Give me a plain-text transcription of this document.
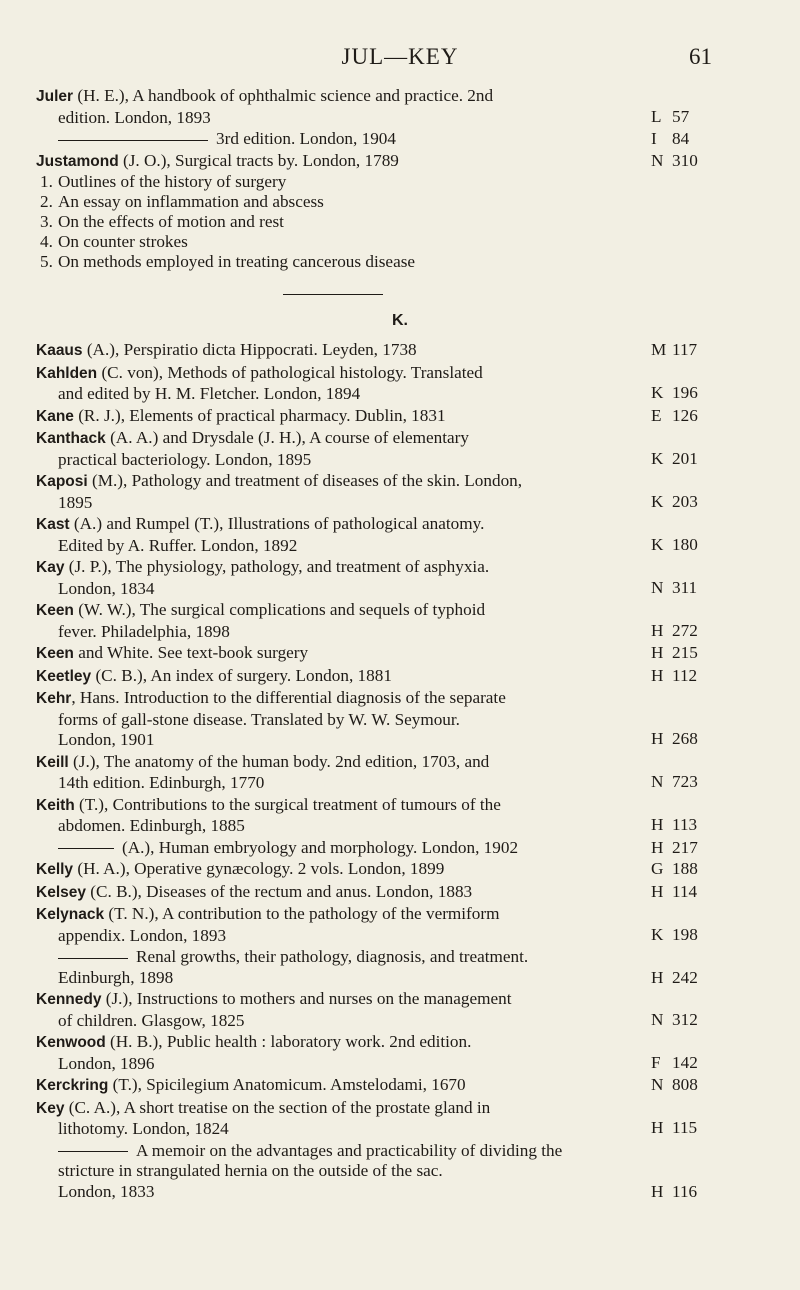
JUL—KEY	61
Juler (H. E.), A handbook of ophthalmic science and practice. 2nd
edition. London, 1893	L 57
3rd edition. London, 1904	I 84
Justamond (J. O.), Surgical tracts by. London, 1789	N 310
1. Outlines of the history of surgery
2. An essay on inflammation and abscess
3. On the effects of motion and rest
4. On counter strokes
5. On methods employed in treating cancerous disease
K.
Kaaus (A.), Perspiratio dicta Hippocrati. Leyden, 1738	M 117
Kahlden (C. von), Methods of pathological histology. Translated
and edited by H. M. Fletcher. London, 1894	K 196
Kane (R. J.), Elements of practical pharmacy. Dublin, 1831	E 126
Kanthack (A. A.) and Drysdale (J. H.), A course of elementary
practical bacteriology. London, 1895	K 201
Kaposi (M.), Pathology and treatment of diseases of the skin. London,
1895	K 203
Kast (A.) and Rumpel (T.), Illustrations of pathological anatomy.
Edited by A. Ruffer. London, 1892	K 180
Kay (J. P.), The physiology, pathology, and treatment of asphyxia.
London, 1834	N 311
Keen (W. W.), The surgical complications and sequels of typhoid
fever. Philadelphia, 1898	H 272
Keen and White. See text-book surgery	H 215
Keetley (C. B.), An index of surgery. London, 1881	H 112
Kehr, Hans. Introduction to the differential diagnosis of the separate
forms of gall-stone disease. Translated by W. W. Seymour.
London, 1901	H 268
Keill (J.), The anatomy of the human body. 2nd edition, 1703, and
14th edition. Edinburgh, 1770	N 723
Keith (T.), Contributions to the surgical treatment of tumours of the
abdomen. Edinburgh, 1885	H 113
(A.), Human embryology and morphology. London, 1902	H 217
Kelly (H. A.), Operative gynæcology. 2 vols. London, 1899	G 188
Kelsey (C. B.), Diseases of the rectum and anus. London, 1883	H 114
Kelynack (T. N.), A contribution to the pathology of the vermiform
appendix. London, 1893	K 198
Renal growths, their pathology, diagnosis, and treatment.
Edinburgh, 1898	H 242
Kennedy (J.), Instructions to mothers and nurses on the management
of children. Glasgow, 1825	N 312
Kenwood (H. B.), Public health : laboratory work. 2nd edition.
London, 1896	F 142
Kerckring (T.), Spicilegium Anatomicum. Amstelodami, 1670	N 808
Key (C. A.), A short treatise on the section of the prostate gland in
lithotomy. London, 1824	H 115
A memoir on the advantages and practicability of dividing the
stricture in strangulated hernia on the outside of the sac.
London, 1833	H 116
